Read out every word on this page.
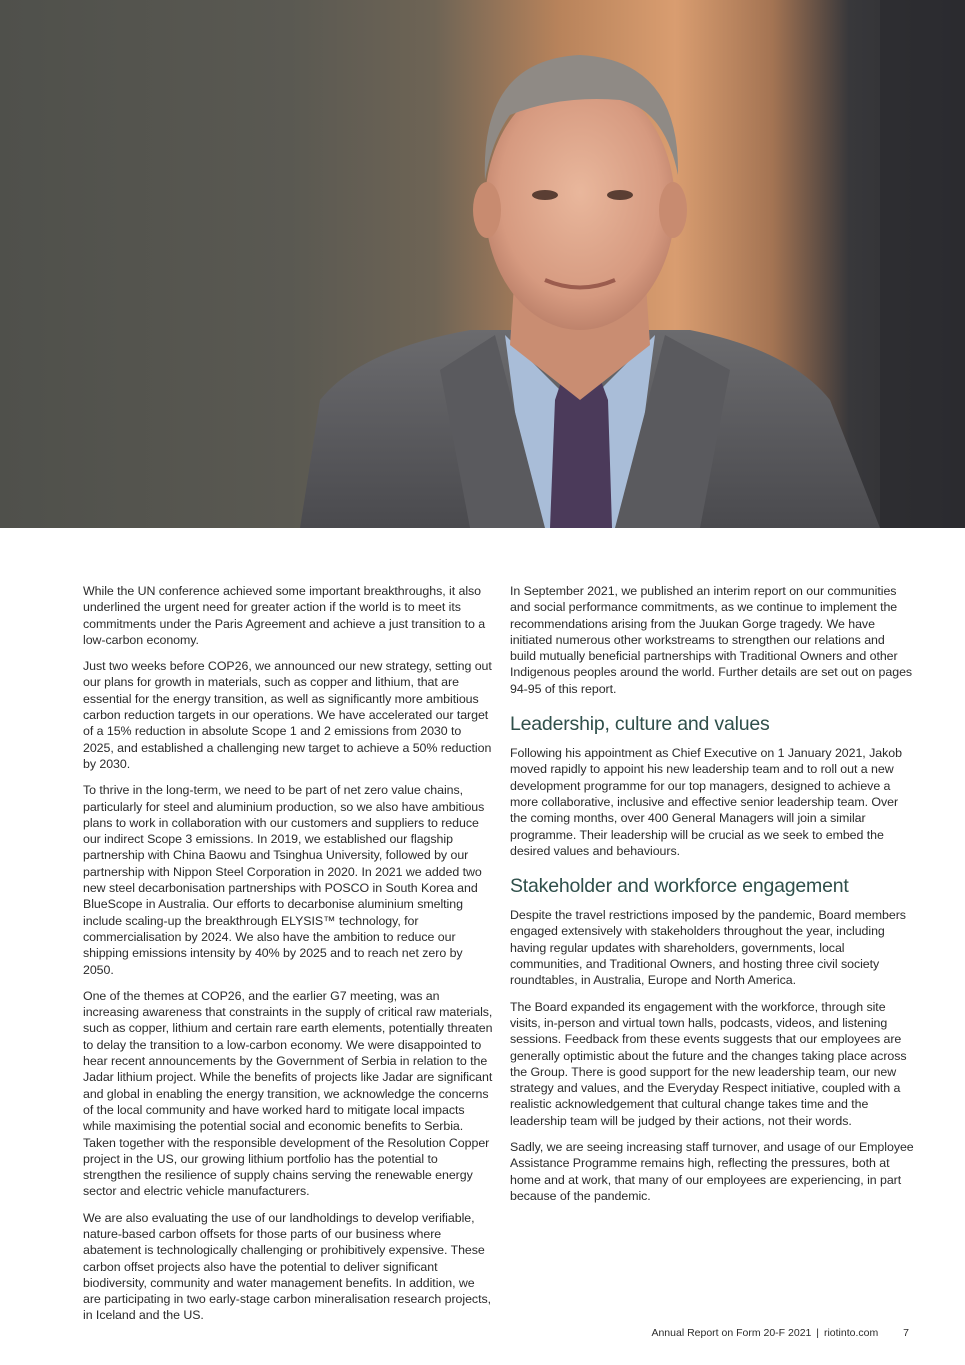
While the UN conference achieved some important breakthroughs, it also underlined the urgent need for greater action if the world is to meet its commitments under the Paris Agreement and achieve a just transition to a low-carbon economy.

Just two weeks before COP26, we announced our new strategy, setting out our plans for growth in materials, such as copper and lithium, that are essential for the energy transition, as well as significantly more ambitious carbon reduction targets in our operations. We have accelerated our target of a 15% reduction in absolute Scope 1 and 2 emissions from 2030 to 2025, and established a challenging new target to achieve a 50% reduction by 2030.

To thrive in the long-term, we need to be part of net zero value chains, particularly for steel and aluminium production, so we also have ambitious plans to work in collaboration with our customers and suppliers to reduce our indirect Scope 3 emissions. In 2019, we established our flagship partnership with China Baowu and Tsinghua University, followed by our partnership with Nippon Steel Corporation in 2020. In 2021 we added two new steel decarbonisation partnerships with POSCO in South Korea and BlueScope in Australia. Our efforts to decarbonise aluminium smelting include scaling-up the breakthrough ELYSIS™ technology, for commercialisation by 2024. We also have the ambition to reduce our shipping emissions intensity by 40% by 2025 and to reach net zero by 2050.

One of the themes at COP26, and the earlier G7 meeting, was an increasing awareness that constraints in the supply of critical raw materials, such as copper, lithium and certain rare earth elements, potentially threaten to delay the transition to a low-carbon economy. We were disappointed to hear recent announcements by the Government of Serbia in relation to the Jadar lithium project. While the benefits of projects like Jadar are significant and global in enabling the energy transition, we acknowledge the concerns of the local community and have worked hard to mitigate local impacts while maximising the potential social and economic benefits to Serbia. Taken together with the responsible development of the Resolution Copper project in the US, our growing lithium portfolio has the potential to strengthen the resilience of supply chains serving the renewable energy sector and electric vehicle manufacturers.

We are also evaluating the use of our landholdings to develop verifiable, nature-based carbon offsets for those parts of our business where abatement is technologically challenging or prohibitively expensive. These carbon offset projects also have the potential to deliver significant biodiversity, community and water management benefits. In addition, we are participating in two early-stage carbon mineralisation research projects, in Iceland and the US.

In September 2021, we published an interim report on our communities and social performance commitments, as we continue to implement the recommendations arising from the Juukan Gorge tragedy. We have initiated numerous other workstreams to strengthen our relations and build mutually beneficial partnerships with Traditional Owners and other Indigenous peoples around the world. Further details are set out on pages 94-95 of this report.

Leadership, culture and values

Following his appointment as Chief Executive on 1 January 2021, Jakob moved rapidly to appoint his new leadership team and to roll out a new development programme for our top managers, designed to achieve a more collaborative, inclusive and effective senior leadership team. Over the coming months, over 400 General Managers will join a similar programme. Their leadership will be crucial as we seek to embed the desired values and behaviours.

Stakeholder and workforce engagement

Despite the travel restrictions imposed by the pandemic, Board members engaged extensively with stakeholders throughout the year, including having regular updates with shareholders, governments, local communities, and Traditional Owners, and hosting three civil society roundtables, in Australia, Europe and North America.

The Board expanded its engagement with the workforce, through site visits, in-person and virtual town halls, podcasts, videos, and listening sessions. Feedback from these events suggests that our employees are generally optimistic about the future and the changes taking place across the Group. There is good support for the new leadership team, our new strategy and values, and the Everyday Respect initiative, coupled with a realistic acknowledgement that cultural change takes time and the leadership team will be judged by their actions, not their words.

Sadly, we are seeing increasing staff turnover, and usage of our Employee Assistance Programme remains high, reflecting the pressures, both at home and at work, that many of our employees are experiencing, in part because of the pandemic.

Annual Report on Form 20-F 2021 | riotinto.com 7
